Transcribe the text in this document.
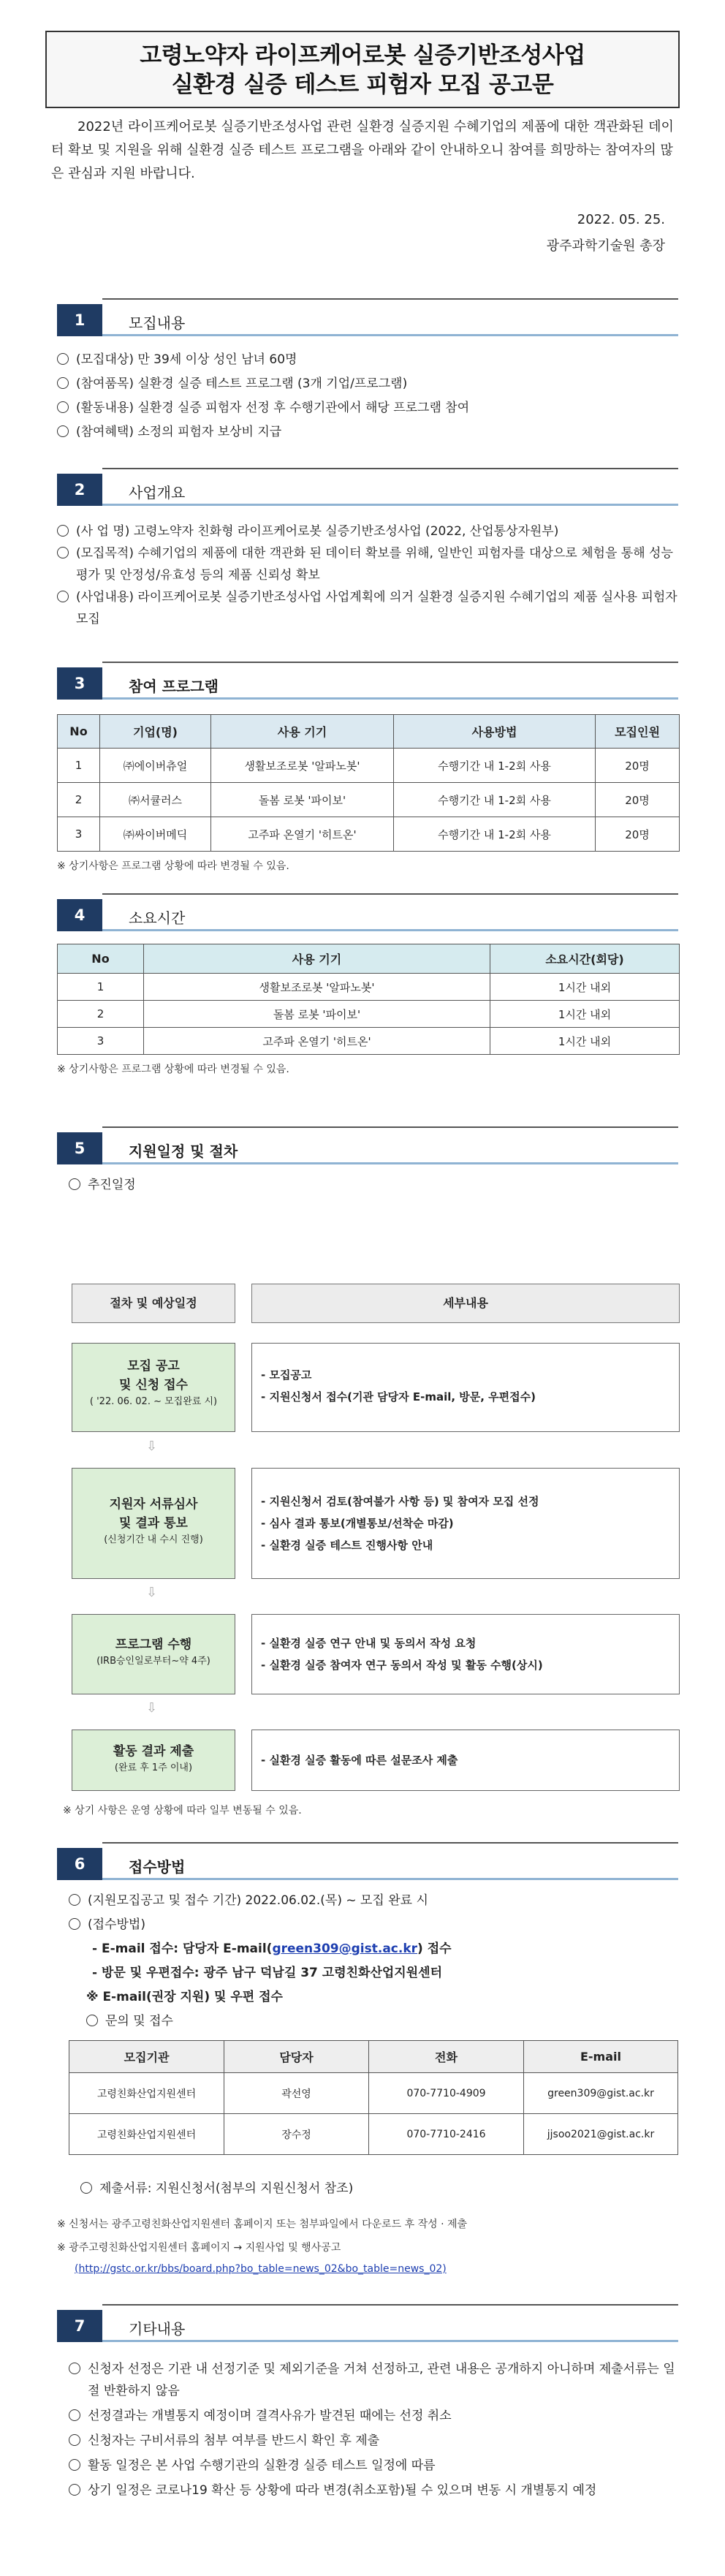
고령노약자 라이프케어로봇 실증기반조성사업
실환경 실증 테스트 피험자 모집 공고문
2022년 라이프케어로봇 실증기반조성사업 관련 실환경 실증지원 수혜기업의 제품에 대한 객관화된 데이터 확보 및 지원을 위해 실환경 실증 테스트 프로그램을 아래와 같이 안내하오니 참여를 희망하는 참여자의 많은 관심과 지원 바랍니다.
2022. 05. 25.
광주과학기술원 총장
1	모집내용
(모집대상) 만 39세 이상 성인 남녀 60명
(참여품목) 실환경 실증 테스트 프로그램 (3개 기업/프로그램)
(활동내용) 실환경 실증 피험자 선정 후 수행기관에서 해당 프로그램 참여
(참여혜택) 소정의 피험자 보상비 지급
2	사업개요
(사 업 명) 고령노약자 친화형 라이프케어로봇 실증기반조성사업 (2022, 산업통상자원부)
(모집목적) 수혜기업의 제품에 대한 객관화 된 데이터 확보를 위해, 일반인 피험자를 대상으로 체험을 통해 성능평가 및 안정성/유효성 등의 제품 신뢰성 확보
(사업내용) 라이프케어로봇 실증기반조성사업 사업계획에 의거 실환경 실증지원 수혜기업의 제품 실사용 피험자 모집
3	참여 프로그램
No	기업(명)	사용 기기	사용방법	모집인원
1	㈜에이버츄얼	생활보조로봇 '알파노봇'	수행기간 내 1-2회 사용	20명
2	㈜서큘러스	돌봄 로봇 '파이보'	수행기간 내 1-2회 사용	20명
3	㈜싸이버메딕	고주파 온열기 '히트온'	수행기간 내 1-2회 사용	20명
※ 상기사항은 프로그램 상황에 따라 변경될 수 있음.
4	소요시간
No	사용 기기	소요시간(회당)
1	생활보조로봇 '알파노봇'	1시간 내외
2	돌봄 로봇 '파이보'	1시간 내외
3	고주파 온열기 '히트온'	1시간 내외
※ 상기사항은 프로그램 상황에 따라 변경될 수 있음.
5	지원일정 및 절차
추진일정
절차 및 예상일정	세부내용
모집 공고
및 신청 접수
( '22. 06. 02. ~ 모집완료 시)
- 모집공고
- 지원신청서 접수(기관 담당자 E-mail, 방문, 우편접수)
⇩
지원자 서류심사
및 결과 통보
(신청기간 내 수시 진행)
- 지원신청서 검토(참여불가 사항 등) 및 참여자 모집 선정
- 심사 결과 통보(개별통보/선착순 마감)
- 실환경 실증 테스트 진행사항 안내
⇩
프로그램 수행
(IRB승인일로부터~약 4주)
- 실환경 실증 연구 안내 및 동의서 작성 요청
- 실환경 실증 참여자 연구 동의서 작성 및 활동 수행(상시)
⇩
활동 결과 제출
(완료 후 1주 이내)
- 실환경 실증 활동에 따른 설문조사 제출
※ 상기 사항은 운영 상황에 따라 일부 변동될 수 있음.
6	접수방법
(지원모집공고 및 접수 기간) 2022.06.02.(목) ~ 모집 완료 시
(접수방법)
- E-mail 접수: 담당자 E-mail(green309@gist.ac.kr) 접수
- 방문 및 우편접수: 광주 남구 덕남길 37 고령친화산업지원센터
※ E-mail(권장 지원) 및 우편 접수
문의 및 접수
모집기관	담당자	전화	E-mail
고령친화산업지원센터	곽선영	070-7710-4909	green309@gist.ac.kr
고령친화산업지원센터	장수정	070-7710-2416	jjsoo2021@gist.ac.kr
제출서류: 지원신청서(첨부의 지원신청서 참조)
※ 신청서는 광주고령친화산업지원센터 홈페이지 또는 첨부파일에서 다운로드 후 작성 · 제출
※ 광주고령친화산업지원센터 홈페이지 → 지원사업 및 행사공고
(http://gstc.or.kr/bbs/board.php?bo_table=news_02&bo_table=news_02)
7	기타내용
신청자 선정은 기관 내 선정기준 및 제외기준을 거쳐 선정하고, 관련 내용은 공개하지 아니하며 제출서류는 일절 반환하지 않음
선정결과는 개별통지 예정이며 결격사유가 발견된 때에는 선정 취소
신청자는 구비서류의 첨부 여부를 반드시 확인 후 제출
활동 일정은 본 사업 수행기관의 실환경 실증 테스트 일정에 따름
상기 일정은 코로나19 확산 등 상황에 따라 변경(취소포함)될 수 있으며 변동 시 개별통지 예정
